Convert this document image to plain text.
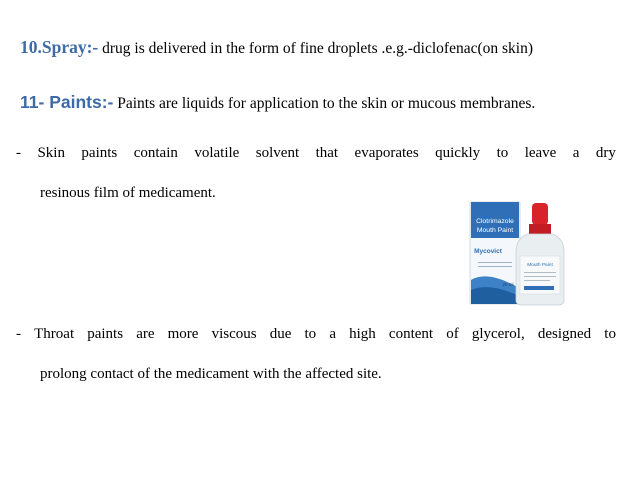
10.Spray:- drug is delivered in the form of fine droplets .e.g.-diclofenac(on skin)
11- Paints:- Paints are liquids for application to the skin or mucous membranes.
- Skin paints contain volatile solvent that evaporates quickly to leave a dry
resinous film of medicament.
Clotrimazole
Mouth Paint
Mycovict
20 ml
Mouth Paint
- Throat paints are more viscous due to a high content of glycerol, designed to
prolong contact of the medicament with the affected site.
